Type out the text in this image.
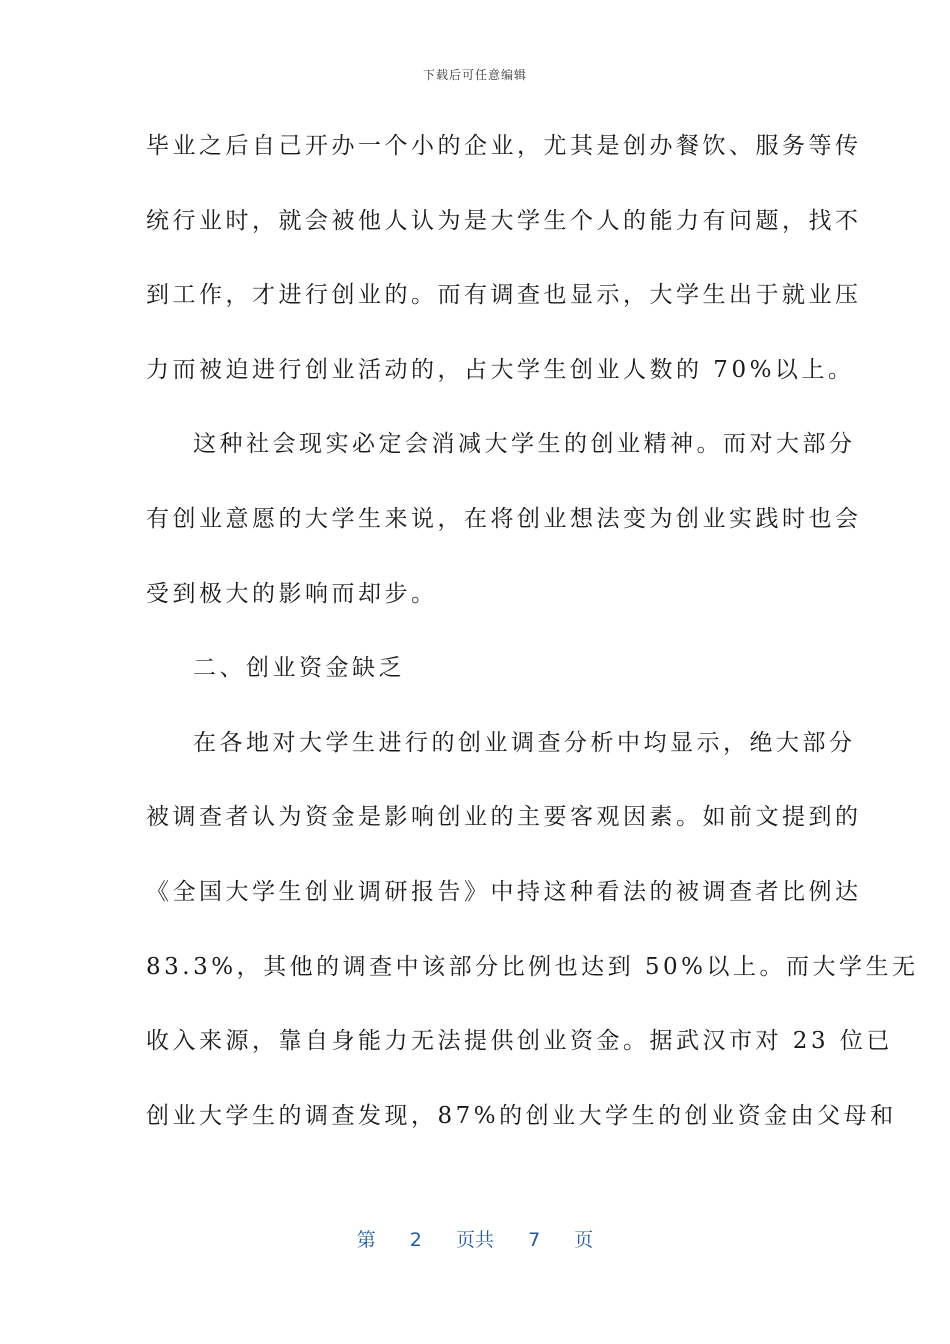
下载后可任意编辑
毕业之后自己开办一个小的企业，尤其是创办餐饮、服务等传
统行业时，就会被他人认为是大学生个人的能力有问题，找不
到工作，才进行创业的。而有调查也显示，大学生出于就业压
力而被迫进行创业活动的，占大学生创业人数的 70%以上。
这种社会现实必定会消减大学生的创业精神。而对大部分
有创业意愿的大学生来说，在将创业想法变为创业实践时也会
受到极大的影响而却步。
二、创业资金缺乏
在各地对大学生进行的创业调查分析中均显示，绝大部分
被调查者认为资金是影响创业的主要客观因素。如前文提到的
《全国大学生创业调研报告》中持这种看法的被调查者比例达
83.3%，其他的调查中该部分比例也达到 50%以上。而大学生无
收入来源，靠自身能力无法提供创业资金。据武汉市对 23 位已
创业大学生的调查发现，87%的创业大学生的创业资金由父母和
第 2 页共 7 页
